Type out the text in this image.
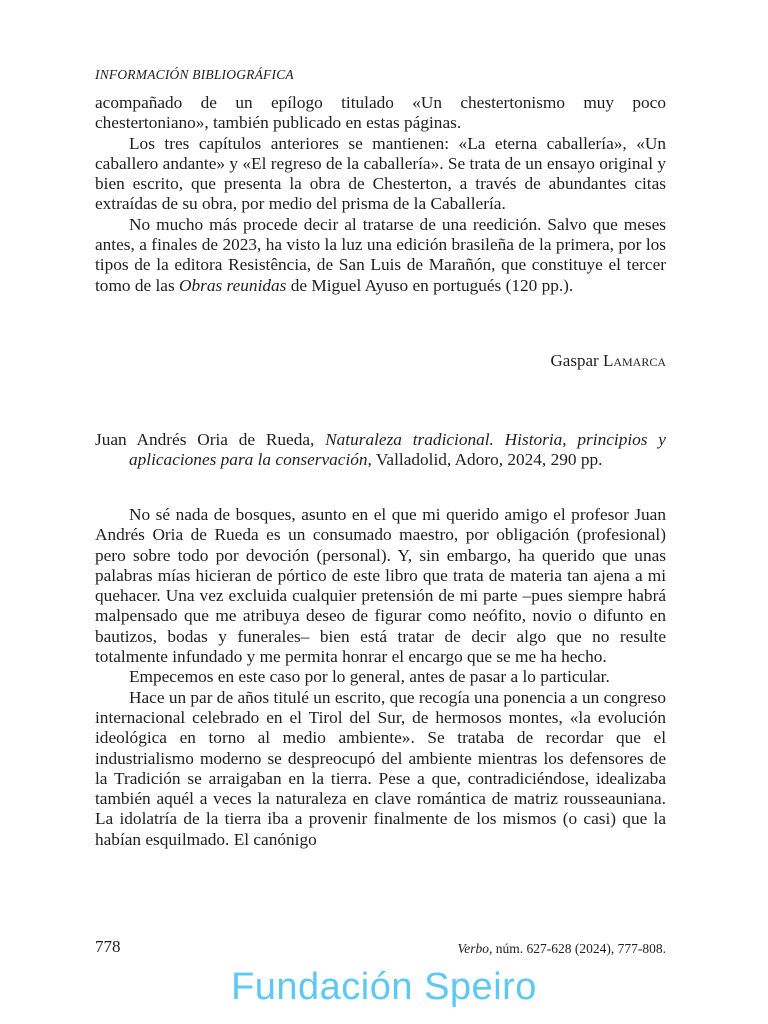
INFORMACIÓN BIBLIOGRÁFICA

acompañado de un epílogo titulado «Un chestertonismo muy poco chestertoniano», también publicado en estas páginas.

Los tres capítulos anteriores se mantienen: «La eterna caballería», «Un caballero andante» y «El regreso de la caballería». Se trata de un ensayo original y bien escrito, que presenta la obra de Chesterton, a través de abundantes citas extraídas de su obra, por medio del prisma de la Caballería.

No mucho más procede decir al tratarse de una reedición. Salvo que meses antes, a finales de 2023, ha visto la luz una edición brasileña de la primera, por los tipos de la editora Resistência, de San Luis de Marañón, que constituye el tercer tomo de las Obras reunidas de Miguel Ayuso en portugués (120 pp.).

Gaspar Lamarca
Juan Andrés Oria de Rueda, Naturaleza tradicional. Historia, principios y aplicaciones para la conservación, Valladolid, Adoro, 2024, 290 pp.

No sé nada de bosques, asunto en el que mi querido amigo el profesor Juan Andrés Oria de Rueda es un consumado maestro, por obligación (profesional) pero sobre todo por devoción (personal). Y, sin embargo, ha querido que unas palabras mías hicieran de pórtico de este libro que trata de materia tan ajena a mi quehacer. Una vez excluida cualquier pretensión de mi parte –pues siempre habrá malpensado que me atribuya deseo de figurar como neófito, novio o difunto en bautizos, bodas y funerales– bien está tratar de decir algo que no resulte totalmente infundado y me permita honrar el encargo que se me ha hecho.

Empecemos en este caso por lo general, antes de pasar a lo particular.

Hace un par de años titulé un escrito, que recogía una ponencia a un congreso internacional celebrado en el Tirol del Sur, de hermosos montes, «la evolución ideológica en torno al medio ambiente». Se trataba de recordar que el industrialismo moderno se despreocupó del ambiente mientras los defensores de la Tradición se arraigaban en la tierra. Pese a que, contradiciéndose, idealizaba también aquél a veces la naturaleza en clave romántica de matriz rousseauniana. La idolatría de la tierra iba a provenir finalmente de los mismos (o casi) que la habían esquilmado. El canónigo

778	Verbo, núm. 627-628 (2024), 777-808.
Fundación Speiro
